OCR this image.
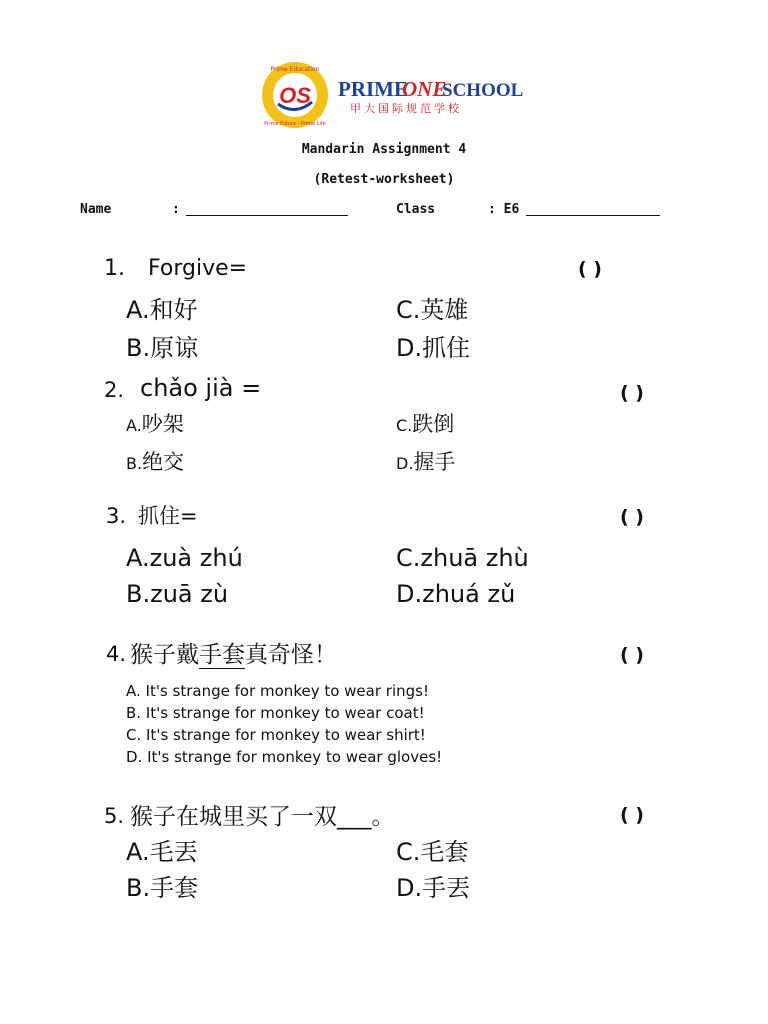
Prime Education
Prime Future · Prime Life
OS PRIME
ONE
SCHOOL
甲大国际规范学校
Mandarin Assignment 4
(Retest-worksheet)
Name	:	Class	: E6
1. Forgive=	( )
A.和好	C.英雄
B.原谅	D.抓住
2. chǎo jià =	( )
A.吵架	C.跌倒
B.绝交	D.握手
3. 抓住=	( )
A.zuà zhú	C.zhuā zhù
B.zuā zù	D.zhuá zǔ
4. 猴子戴手套真奇怪！	( )
A. It's strange for monkey to wear rings!
B. It's strange for monkey to wear coat!
C. It's strange for monkey to wear shirt!
D. It's strange for monkey to wear gloves!
5. 猴子在城里买了一双___。	( )
A.毛丟	C.毛套
B.手套	D.手丟
